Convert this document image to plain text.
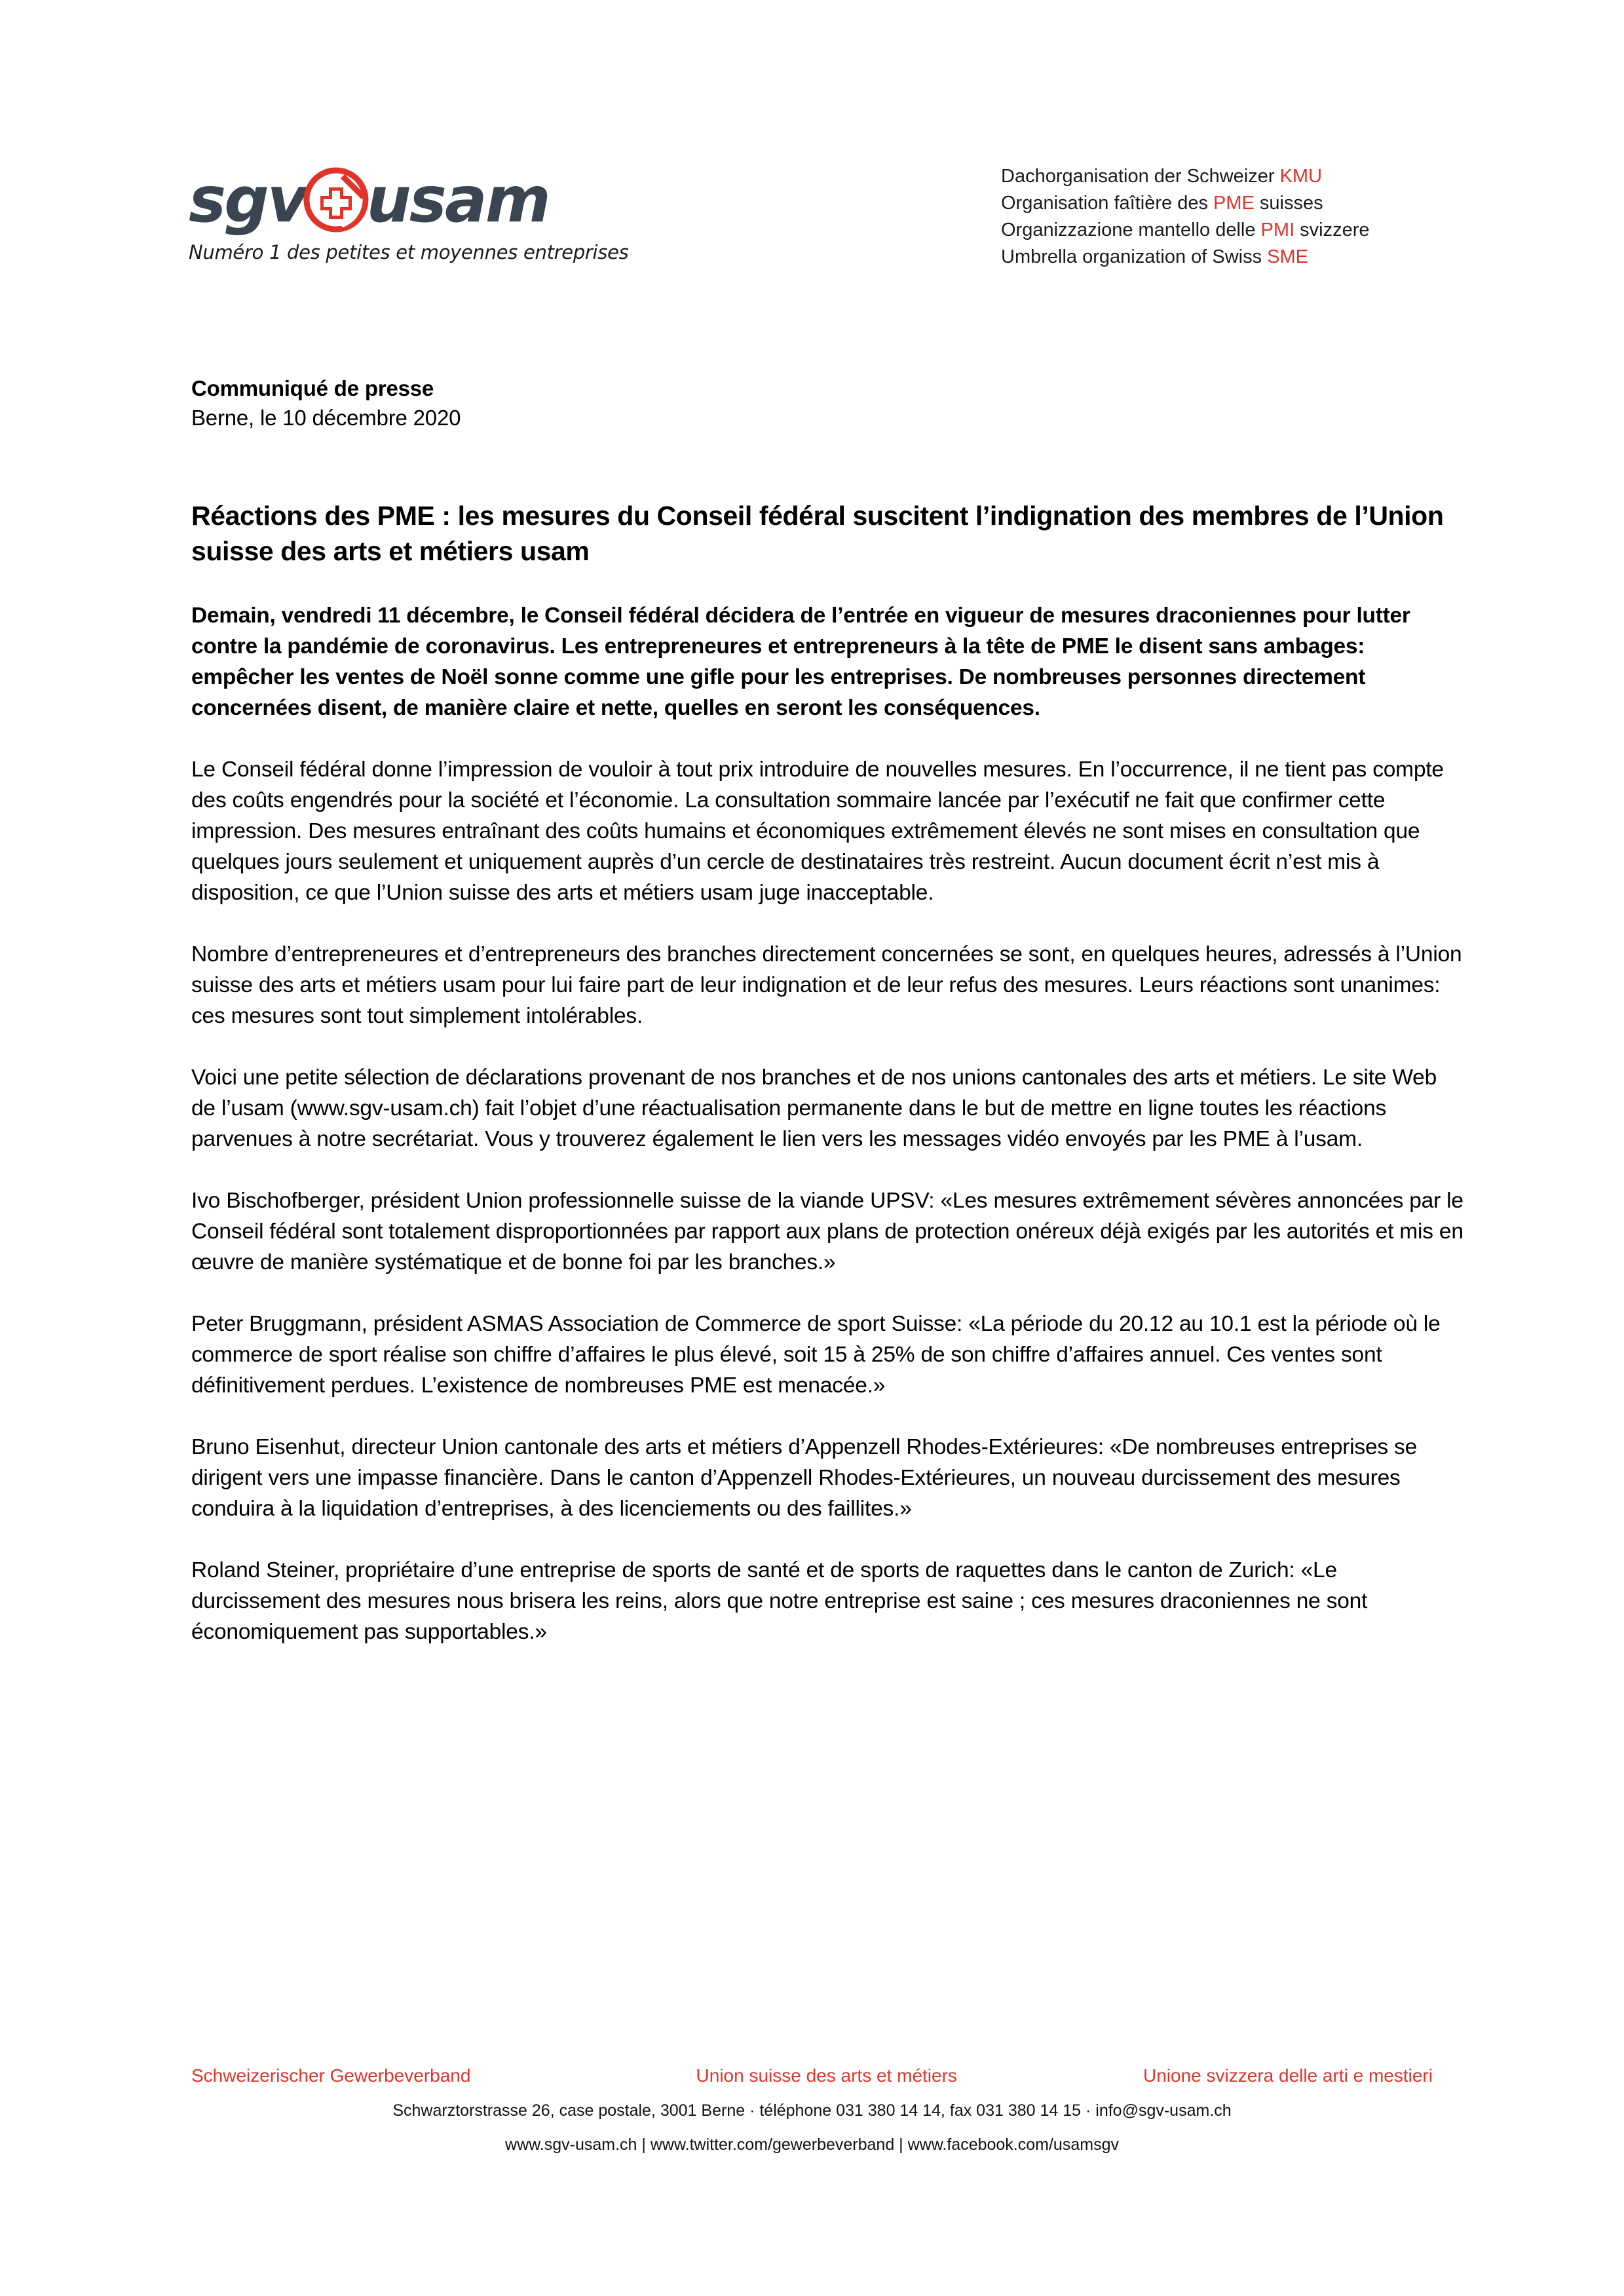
sgv usam
Numéro 1 des petites et moyennes entreprises
Dachorganisation der Schweizer KMU
Organisation faîtière des PME suisses
Organizzazione mantello delle PMI svizzere
Umbrella organization of Swiss SME
Communiqué de presse
Berne, le 10 décembre 2020
Réactions des PME : les mesures du Conseil fédéral suscitent l’indignation des membres de l’Union suisse des arts et métiers usam
Demain, vendredi 11 décembre, le Conseil fédéral décidera de l’entrée en vigueur de mesures draconiennes pour lutter contre la pandémie de coronavirus. Les entrepreneures et entrepreneurs à la tête de PME le disent sans ambages: empêcher les ventes de Noël sonne comme une gifle pour les entreprises. De nombreuses personnes directement concernées disent, de manière claire et nette, quelles en seront les conséquences.

Le Conseil fédéral donne l’impression de vouloir à tout prix introduire de nouvelles mesures. En l’occurrence, il ne tient pas compte des coûts engendrés pour la société et l’économie. La consultation sommaire lancée par l’exécutif ne fait que confirmer cette impression. Des mesures entraînant des coûts humains et économiques extrêmement élevés ne sont mises en consultation que quelques jours seulement et uniquement auprès d’un cercle de destinataires très restreint. Aucun document écrit n’est mis à disposition, ce que l’Union suisse des arts et métiers usam juge inacceptable.

Nombre d’entrepreneures et d’entrepreneurs des branches directement concernées se sont, en quelques heures, adressés à l’Union suisse des arts et métiers usam pour lui faire part de leur indignation et de leur refus des mesures. Leurs réactions sont unanimes: ces mesures sont tout simplement intolérables.

Voici une petite sélection de déclarations provenant de nos branches et de nos unions cantonales des arts et métiers. Le site Web de l’usam (www.sgv-usam.ch) fait l’objet d’une réactualisation permanente dans le but de mettre en ligne toutes les réactions parvenues à notre secrétariat. Vous y trouverez également le lien vers les messages vidéo envoyés par les PME à l’usam.

Ivo Bischofberger, président Union professionnelle suisse de la viande UPSV: «Les mesures extrêmement sévères annoncées par le Conseil fédéral sont totalement disproportionnées par rapport aux plans de protection onéreux déjà exigés par les autorités et mis en œuvre de manière systématique et de bonne foi par les branches.»

Peter Bruggmann, président ASMAS Association de Commerce de sport Suisse: «La période du 20.12 au 10.1 est la période où le commerce de sport réalise son chiffre d’affaires le plus élevé, soit 15 à 25% de son chiffre d’affaires annuel. Ces ventes sont définitivement perdues. L’existence de nombreuses PME est menacée.»

Bruno Eisenhut, directeur Union cantonale des arts et métiers d’Appenzell Rhodes-Extérieures: «De nombreuses entreprises se dirigent vers une impasse financière. Dans le canton d’Appenzell Rhodes-Extérieures, un nouveau durcissement des mesures conduira à la liquidation d’entreprises, à des licenciements ou des faillites.»

Roland Steiner, propriétaire d’une entreprise de sports de santé et de sports de raquettes dans le canton de Zurich: «Le durcissement des mesures nous brisera les reins, alors que notre entreprise est saine ; ces mesures draconiennes ne sont économiquement pas supportables.»

Schweizerischer Gewerbeverband	Union suisse des arts et métiers	Unione svizzera delle arti e mestieri
Schwarztorstrasse 26, case postale, 3001 Berne · téléphone 031 380 14 14, fax 031 380 14 15 · info@sgv-usam.ch
www.sgv-usam.ch | www.twitter.com/gewerbeverband | www.facebook.com/usamsgv
